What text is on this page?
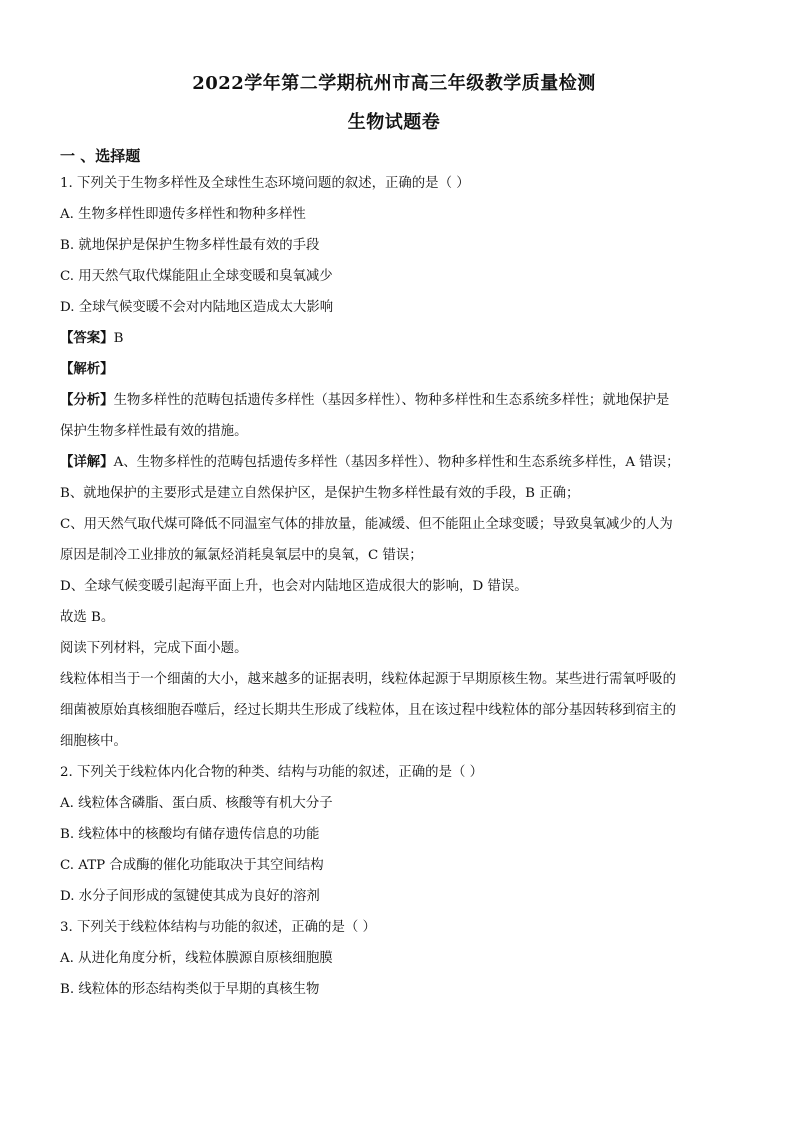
2022学年第二学期杭州市高三年级教学质量检测
生物试题卷
一 、选择题
1. 下列关于生物多样性及全球性生态环境问题的叙述，正确的是（ ）
A. 生物多样性即遗传多样性和物种多样性
B. 就地保护是保护生物多样性最有效的手段
C. 用天然气取代煤能阻止全球变暖和臭氧减少
D. 全球气候变暖不会对内陆地区造成太大影响
【答案】B
【解析】
【分析】生物多样性的范畴包括遗传多样性（基因多样性）、物种多样性和生态系统多样性；就地保护是
保护生物多样性最有效的措施。
【详解】A、生物多样性的范畴包括遗传多样性（基因多样性）、物种多样性和生态系统多样性，A 错误；
B、就地保护的主要形式是建立自然保护区，是保护生物多样性最有效的手段，B 正确；
C、用天然气取代煤可降低不同温室气体的排放量，能减缓、但不能阻止全球变暖；导致臭氧减少的人为
原因是制冷工业排放的氟氯烃消耗臭氧层中的臭氧，C 错误；
D、全球气候变暖引起海平面上升，也会对内陆地区造成很大的影响，D 错误。
故选 B。
阅读下列材料，完成下面小题。
线粒体相当于一个细菌的大小，越来越多的证据表明，线粒体起源于早期原核生物。某些进行需氧呼吸的
细菌被原始真核细胞吞噬后，经过长期共生形成了线粒体，且在该过程中线粒体的部分基因转移到宿主的
细胞核中。
2. 下列关于线粒体内化合物的种类、结构与功能的叙述，正确的是（ ）
A. 线粒体含磷脂、蛋白质、核酸等有机大分子
B. 线粒体中的核酸均有储存遗传信息的功能
C. ATP 合成酶的催化功能取决于其空间结构
D. 水分子间形成的氢键使其成为良好的溶剂
3. 下列关于线粒体结构与功能的叙述，正确的是（ ）
A. 从进化角度分析，线粒体膜源自原核细胞膜
B. 线粒体的形态结构类似于早期的真核生物
